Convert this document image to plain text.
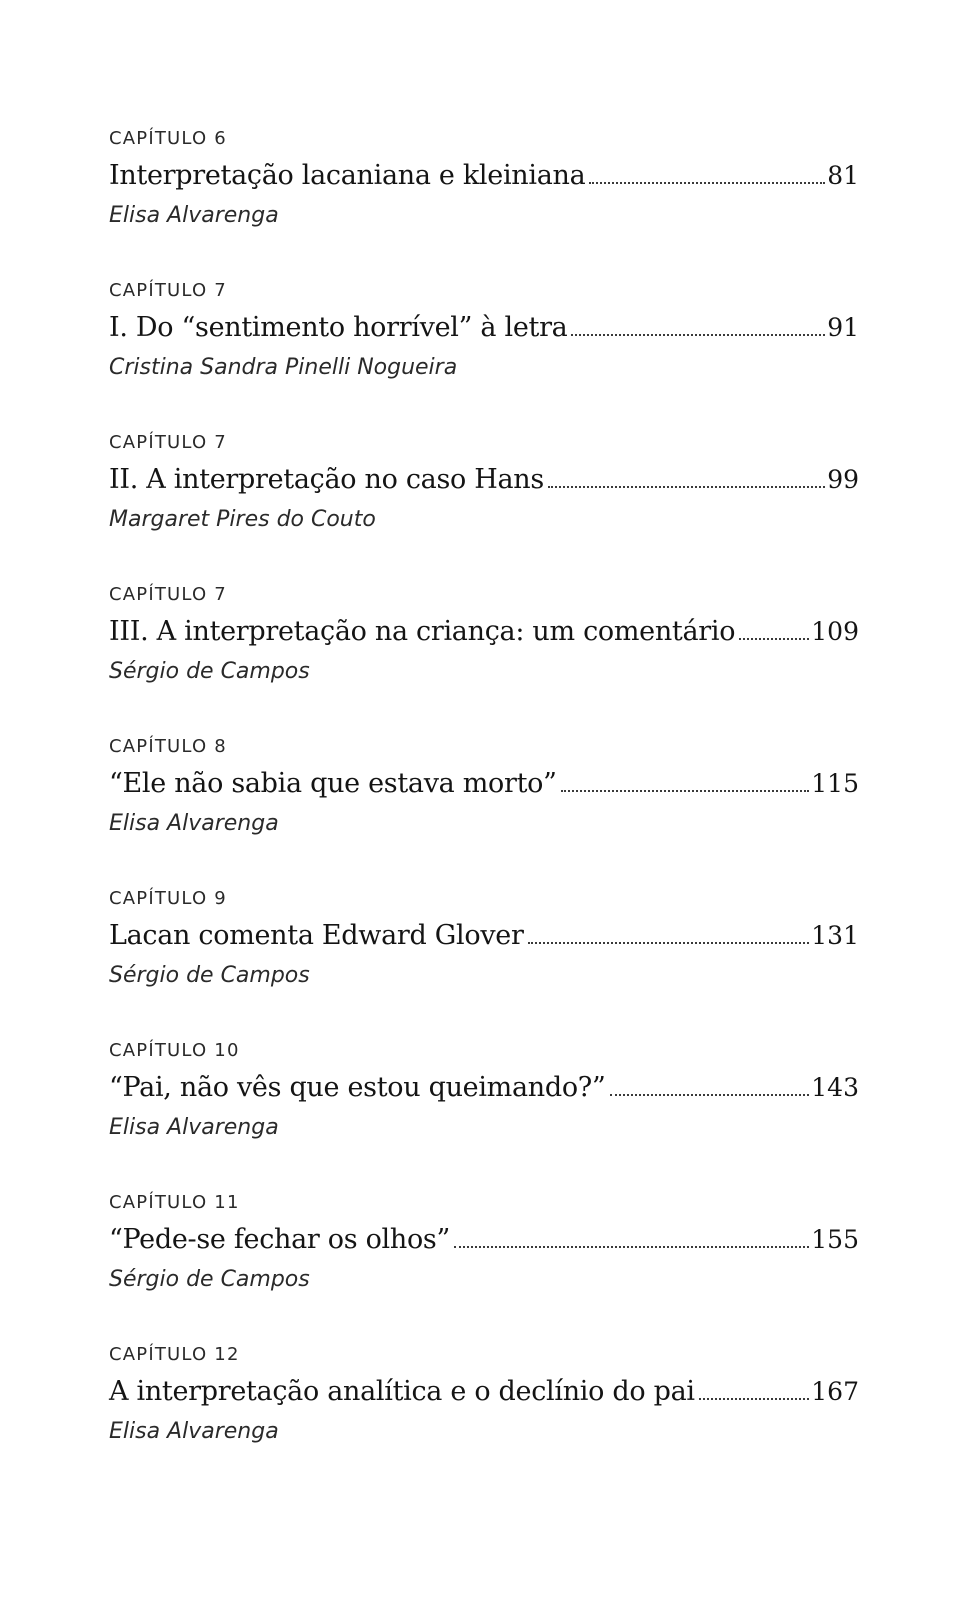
CAPÍTULO 6
Interpretação lacaniana e kleiniana	81
Elisa Alvarenga
CAPÍTULO 7
I. Do “sentimento horrível” à letra	91
Cristina Sandra Pinelli Nogueira
CAPÍTULO 7
II. A interpretação no caso Hans	99
Margaret Pires do Couto
CAPÍTULO 7
III. A interpretação na criança: um comentário	109
Sérgio de Campos
CAPÍTULO 8
“Ele não sabia que estava morto”	115
Elisa Alvarenga
CAPÍTULO 9
Lacan comenta Edward Glover	131
Sérgio de Campos
CAPÍTULO 10
“Pai, não vês que estou queimando?”	143
Elisa Alvarenga
CAPÍTULO 11
“Pede-se fechar os olhos”	155
Sérgio de Campos
CAPÍTULO 12
A interpretação analítica e o declínio do pai	167
Elisa Alvarenga
